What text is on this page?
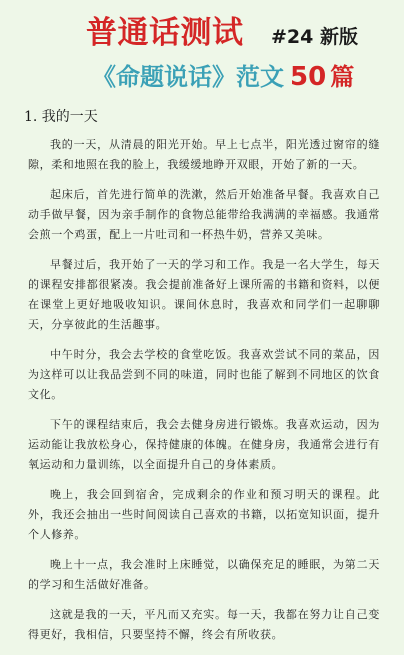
普通话测试 #24 新版
《命题说话》范文 50 篇
1. 我的一天

我的一天，从清晨的阳光开始。早上七点半，阳光透过窗帘的缝隙，柔和地照在我的脸上，我缓缓地睁开双眼，开始了新的一天。

起床后，首先进行简单的洗漱，然后开始准备早餐。我喜欢自己动手做早餐，因为亲手制作的食物总能带给我满满的幸福感。我通常会煎一个鸡蛋，配上一片吐司和一杯热牛奶，营养又美味。

早餐过后，我开始了一天的学习和工作。我是一名大学生，每天的课程安排都很紧凑。我会提前准备好上课所需的书籍和资料，以便在课堂上更好地吸收知识。课间休息时，我喜欢和同学们一起聊聊天，分享彼此的生活趣事。

中午时分，我会去学校的食堂吃饭。我喜欢尝试不同的菜品，因为这样可以让我品尝到不同的味道，同时也能了解到不同地区的饮食文化。

下午的课程结束后，我会去健身房进行锻炼。我喜欢运动，因为运动能让我放松身心，保持健康的体魄。在健身房，我通常会进行有氧运动和力量训练，以全面提升自己的身体素质。

晚上，我会回到宿舍，完成剩余的作业和预习明天的课程。此外，我还会抽出一些时间阅读自己喜欢的书籍，以拓宽知识面，提升个人修养。

晚上十一点，我会准时上床睡觉，以确保充足的睡眠，为第二天的学习和生活做好准备。

这就是我的一天，平凡而又充实。每一天，我都在努力让自己变得更好，我相信，只要坚持不懈，终会有所收获。
